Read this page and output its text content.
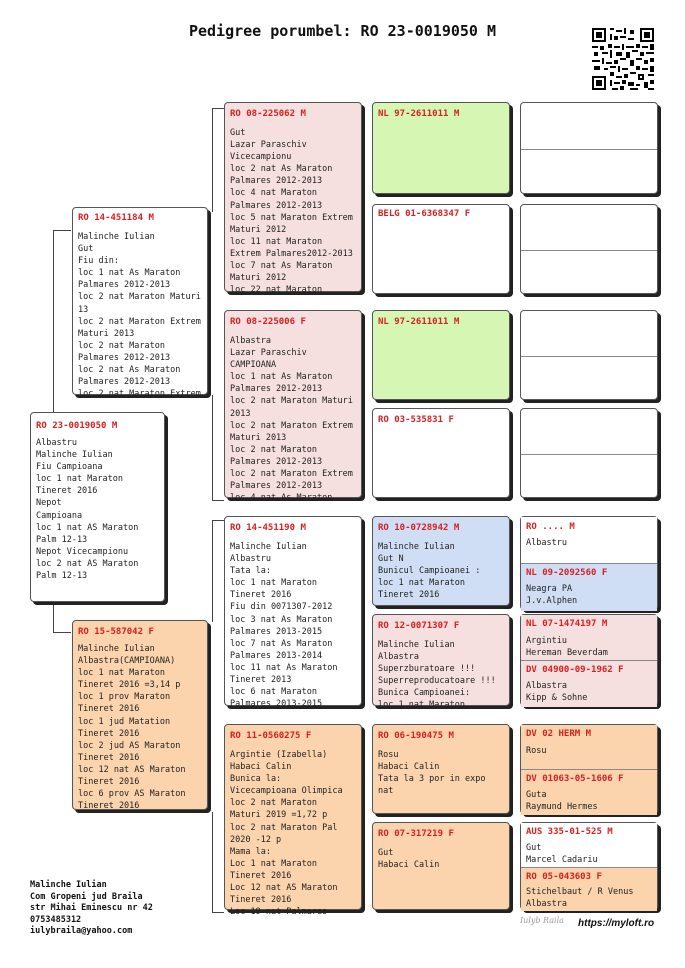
Pedigree porumbel: RO 23-0019050 M
RO 23-0019050 M
Albastru
Malinche Iulian
Fiu Campioana
loc 1 nat Maraton
Tineret 2016
Nepot
Campioana
loc 1 nat AS Maraton
Palm 12-13
Nepot Vicecampionu
loc 2 nat AS Maraton
Palm 12-13
RO 14-451184 M
Malinche Iulian
Gut
Fiu din:
loc 1 nat As Maraton
Palmares 2012-2013
loc 2 nat Maraton Maturi
13
loc 2 nat Maraton Extrem
Maturi 2013
loc 2 nat Maraton
Palmares 2012-2013
loc 2 nat As Maraton
Palmares 2012-2013
loc 2 nat Maraton Extrem
RO 15-587042 F
Malinche Iulian
Albastra(CAMPIOANA)
loc 1 nat Maraton
Tineret 2016 =3,14 p
loc 1 prov Maraton
Tineret 2016
loc 1 jud Matation
Tineret 2016
loc 2 jud AS Maraton
Tineret 2016
loc 12 nat AS Maraton
Tineret 2016
loc 6 prov AS Maraton
Tineret 2016
RO 08-225062 M
Gut
Lazar Paraschiv
Vicecampionu
loc 2 nat As Maraton
Palmares 2012-2013
loc 4 nat Maraton
Palmares 2012-2013
loc 5 nat Maraton Extrem
Maturi 2012
loc 11 nat Maraton
Extrem Palmares2012-2013
loc 7 nat As Maraton
Maturi 2012
loc 22 nat Maraton
RO 08-225006 F
Albastra
Lazar Paraschiv
CAMPIOANA
loc 1 nat As Maraton
Palmares 2012-2013
loc 2 nat Maraton Maturi
2013
loc 2 nat Maraton Extrem
Maturi 2013
loc 2 nat Maraton
Palmares 2012-2013
loc 2 nat Maraton Extrem
Palmares 2012-2013
loc 4 nat As Maraton
RO 14-451190 M
Malinche Iulian
Albastru
Tata la:
loc 1 nat Maraton
Tineret 2016
Fiu din 0071307-2012
loc 3 nat As Maraton
Palmares 2013-2015
loc 7 nat As Maraton
Palmares 2013-2014
loc 11 nat As Maraton
Tineret 2013
loc 6 nat Maraton
Palmares 2013-2015
RO 11-0560275 F
Argintie (Izabella)
Habaci Calin
Bunica la:
Vicecampioana Olimpica
loc 2 nat Maraton
Maturi 2019 =1,72 p
loc 2 nat Maraton Pal
2020 -12 p
Mama la:
Loc 1 nat Maraton
Tineret 2016
Loc 12 nat AS Maraton
Tineret 2016
Loc 19 nat Palmares
NL 97-2611011 M
BELG 01-6368347 F
NL 97-2611011 M
RO 03-535831 F
RO 10-0728942 M
Malinche Iulian
Gut N
Bunicul Campioanei :
loc 1 nat Maraton
Tineret 2016
RO 12-0071307 F
Malinche Iulian
Albastra
Superzburatoare !!!
Superreproducatoare !!!
Bunica Campioanei:
loc 1 nat Maraton
RO 06-190475 M
Rosu
Habaci Calin
Tata la 3 por in expo
nat
RO 07-317219 F
Gut
Habaci Calin
RO .... M
Albastru
NL 09-2092560 F
Neagra PA
J.v.Alphen
NL 07-1474197 M
Argintiu
Hereman Beverdam
DV 04900-09-1962 F
Albastra
Kipp & Sohne
DV 02 HERM M
Rosu
DV 01063-05-1606 F
Guta
Raymund Hermes
AUS 335-01-525 M
Gut
Marcel Cadariu
RO 05-043603 F
Stichelbaut / R Venus
Albastra
Malinche Iulian
Com Gropeni jud Braila
str Mihai Eminescu nr 42
0753485312
iulybraila@yahoo.com
Iulyb Raila https://myloft.ro
